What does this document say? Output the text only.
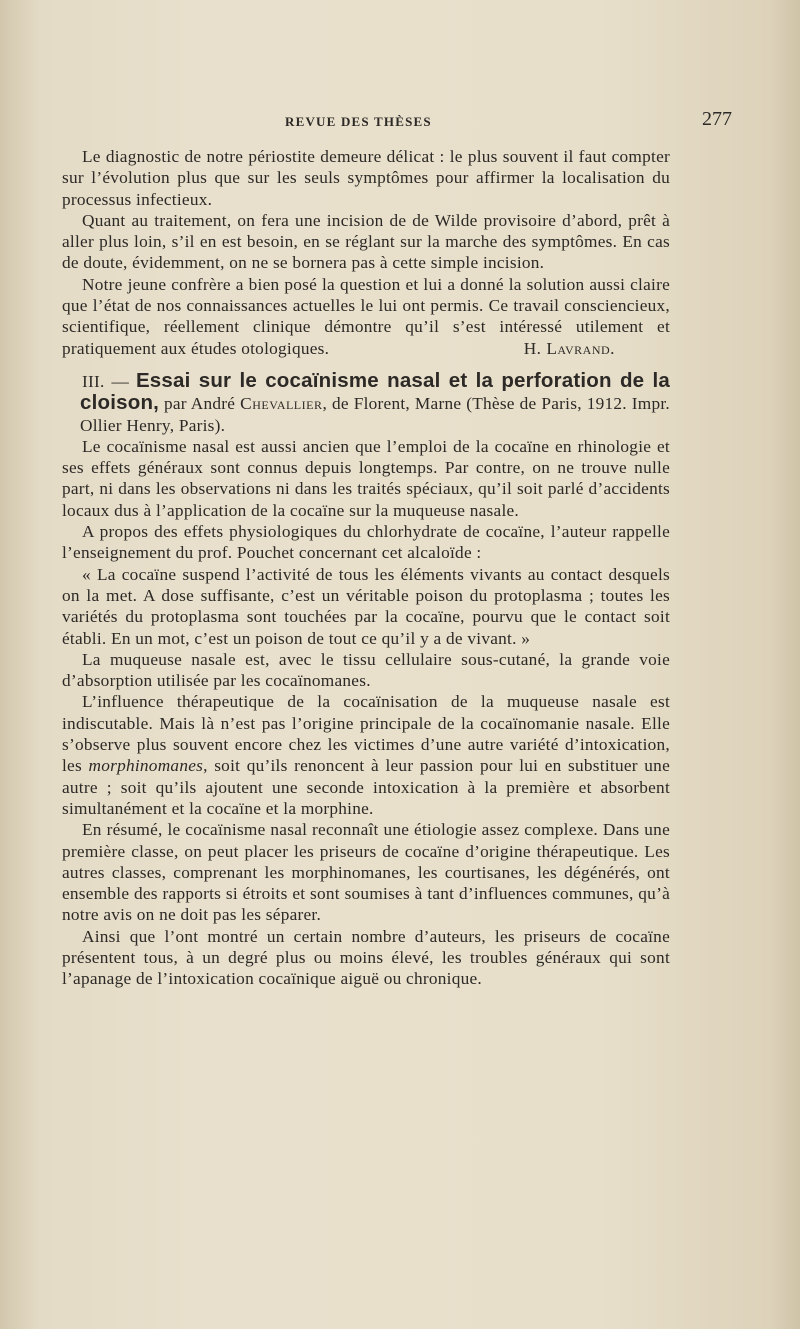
REVUE DES THÈSES	277

Le diagnostic de notre périostite demeure délicat : le plus souvent il faut compter sur l’évolution plus que sur les seuls symptômes pour affirmer la localisation du processus infectieux.

Quant au traitement, on fera une incision de de Wilde provisoire d’abord, prêt à aller plus loin, s’il en est besoin, en se réglant sur la marche des symptômes. En cas de doute, évidemment, on ne se bornera pas à cette simple incision.

Notre jeune confrère a bien posé la question et lui a donné la solution aussi claire que l’état de nos connaissances actuelles le lui ont permis. Ce travail consciencieux, scientifique, réellement clinique démontre qu’il s’est intéressé utilement et pratiquement aux études otologiques.	H. Lavrand.

III. — Essai sur le cocaïnisme nasal et la perforation de la cloison, par André Chevallier, de Florent, Marne (Thèse de Paris, 1912. Impr. Ollier Henry, Paris).

Le cocaïnisme nasal est aussi ancien que l’emploi de la cocaïne en rhinologie et ses effets généraux sont connus depuis longtemps. Par contre, on ne trouve nulle part, ni dans les observations ni dans les traités spéciaux, qu’il soit parlé d’accidents locaux dus à l’application de la cocaïne sur la muqueuse nasale.

A propos des effets physiologiques du chlorhydrate de cocaïne, l’auteur rappelle l’enseignement du prof. Pouchet concernant cet alcaloïde :

« La cocaïne suspend l’activité de tous les éléments vivants au contact desquels on la met. A dose suffisante, c’est un véritable poison du protoplasma ; toutes les variétés du protoplasma sont touchées par la cocaïne, pourvu que le contact soit établi. En un mot, c’est un poison de tout ce qu’il y a de vivant. »

La muqueuse nasale est, avec le tissu cellulaire sous-cutané, la grande voie d’absorption utilisée par les cocaïnomanes.

L’influence thérapeutique de la cocaïnisation de la muqueuse nasale est indiscutable. Mais là n’est pas l’origine principale de la cocaïnomanie nasale. Elle s’observe plus souvent encore chez les victimes d’une autre variété d’intoxication, les morphinomanes, soit qu’ils renoncent à leur passion pour lui en substituer une autre ; soit qu’ils ajoutent une seconde intoxication à la première et absorbent simultanément et la cocaïne et la morphine.

En résumé, le cocaïnisme nasal reconnaît une étiologie assez complexe. Dans une première classe, on peut placer les priseurs de cocaïne d’origine thérapeutique. Les autres classes, comprenant les morphinomanes, les courtisanes, les dégénérés, ont ensemble des rapports si étroits et sont soumises à tant d’influences communes, qu’à notre avis on ne doit pas les séparer.

Ainsi que l’ont montré un certain nombre d’auteurs, les priseurs de cocaïne présentent tous, à un degré plus ou moins élevé, les troubles généraux qui sont l’apanage de l’intoxication cocaïnique aiguë ou chronique.
